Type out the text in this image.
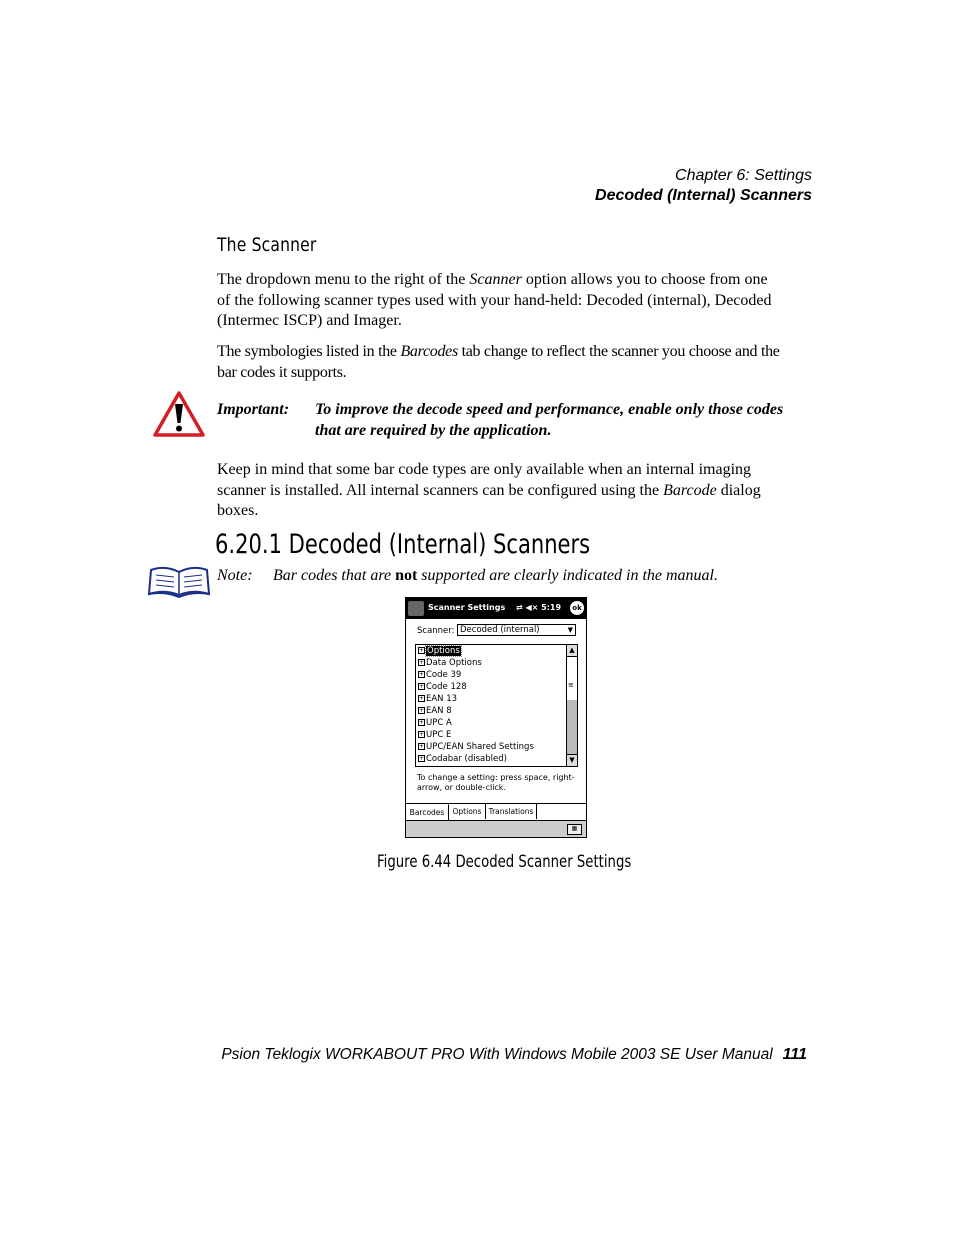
Chapter 6: Settings
Decoded (Internal) Scanners
The Scanner
The dropdown menu to the right of the Scanner option allows you to choose from one of the following scanner types used with your hand-held: Decoded (internal), Decoded (Intermec ISCP) and Imager.
The symbologies listed in the Barcodes tab change to reflect the scanner you choose and the bar codes it supports.
Important: To improve the decode speed and performance, enable only those codes that are required by the application.
Keep in mind that some bar code types are only available when an internal imaging scanner is installed. All internal scanners can be configured using the Barcode dialog boxes.
6.20.1 Decoded (Internal) Scanners
Note: Bar codes that are not supported are clearly indicated in the manual.
Scanner Settings ⇄ ◀× 5:19	ok
Scanner: Decoded (internal)	▼
+ Options
+ Data Options
+ Code 39
+ Code 128
+ EAN 13
+ EAN 8
+ UPC A
+ UPC E
+ UPC/EAN Shared Settings
+ Codabar (disabled)
▲
≡
▼
To change a setting: press space, right-arrow, or double-click.
Barcodes	Options Translations
▦
Figure 6.44 Decoded Scanner Settings
Psion Teklogix WORKABOUT PRO With Windows Mobile 2003 SE User Manual 111
